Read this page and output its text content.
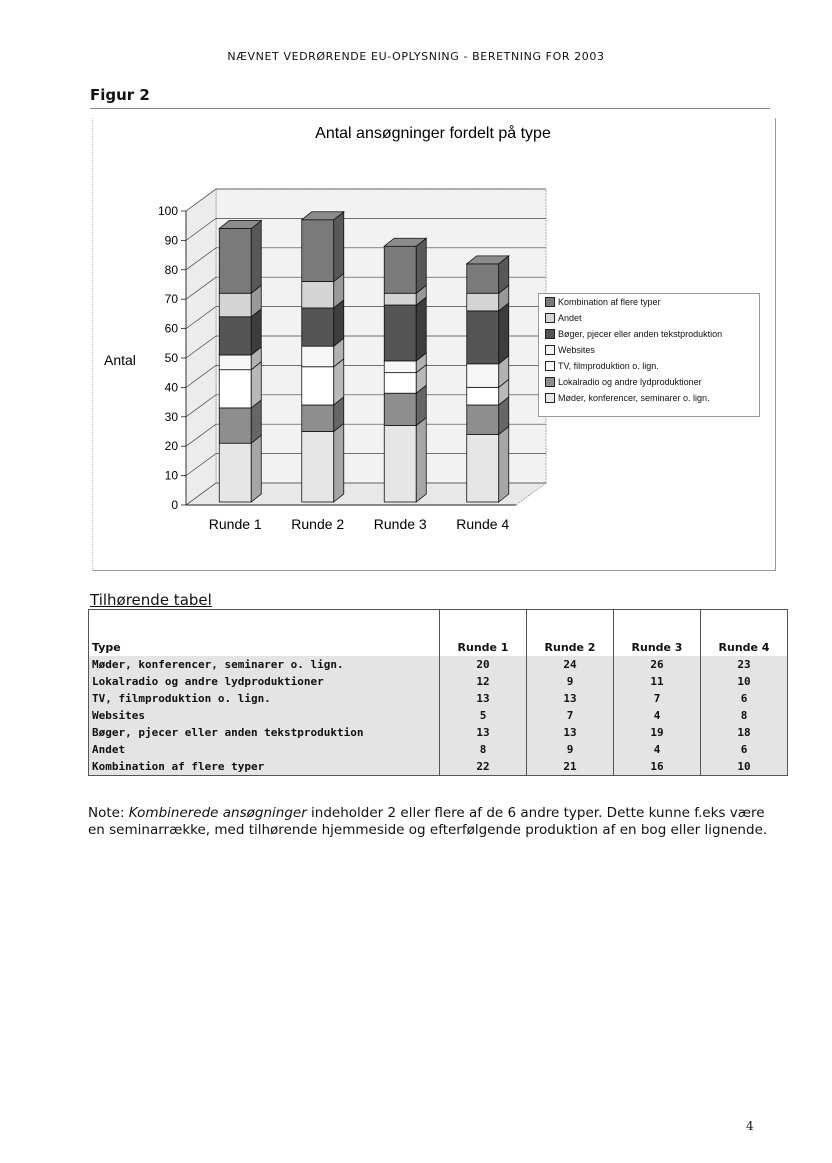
NÆVNET VEDRØRENDE EU-OPLYSNING - BERETNING FOR 2003
Figur 2
0
10
20
30
40
50
60
70
80
90
100
Runde 1 Runde 2 Runde 3 Runde 4
Antal ansøgninger fordelt på type
Antal
Kombination af flere typer
Andet
Bøger, pjecer eller anden tekstproduktion
Websites
TV, filmproduktion o. lign.
Lokalradio og andre lydproduktioner
Møder, konferencer, seminarer o. lign.
Tilhørende tabel

Type	Runde 1	Runde 2	Runde 3	Runde 4
Møder, konferencer, seminarer o. lign.	20	24	26	23
Lokalradio og andre lydproduktioner	12	9	11	10
TV, filmproduktion o. lign.	13	13	7	6
Websites	5	7	4	8
Bøger, pjecer eller anden tekstproduktion	13	13	19	18
Andet	8	9	4	6
Kombination af flere typer	22	21	16	10
Note: Kombinerede ansøgninger indeholder 2 eller flere af de 6 andre typer. Dette kunne f.eks være en seminarrække, med tilhørende hjemmeside og efterfølgende produktion af en bog eller lignende.
4
